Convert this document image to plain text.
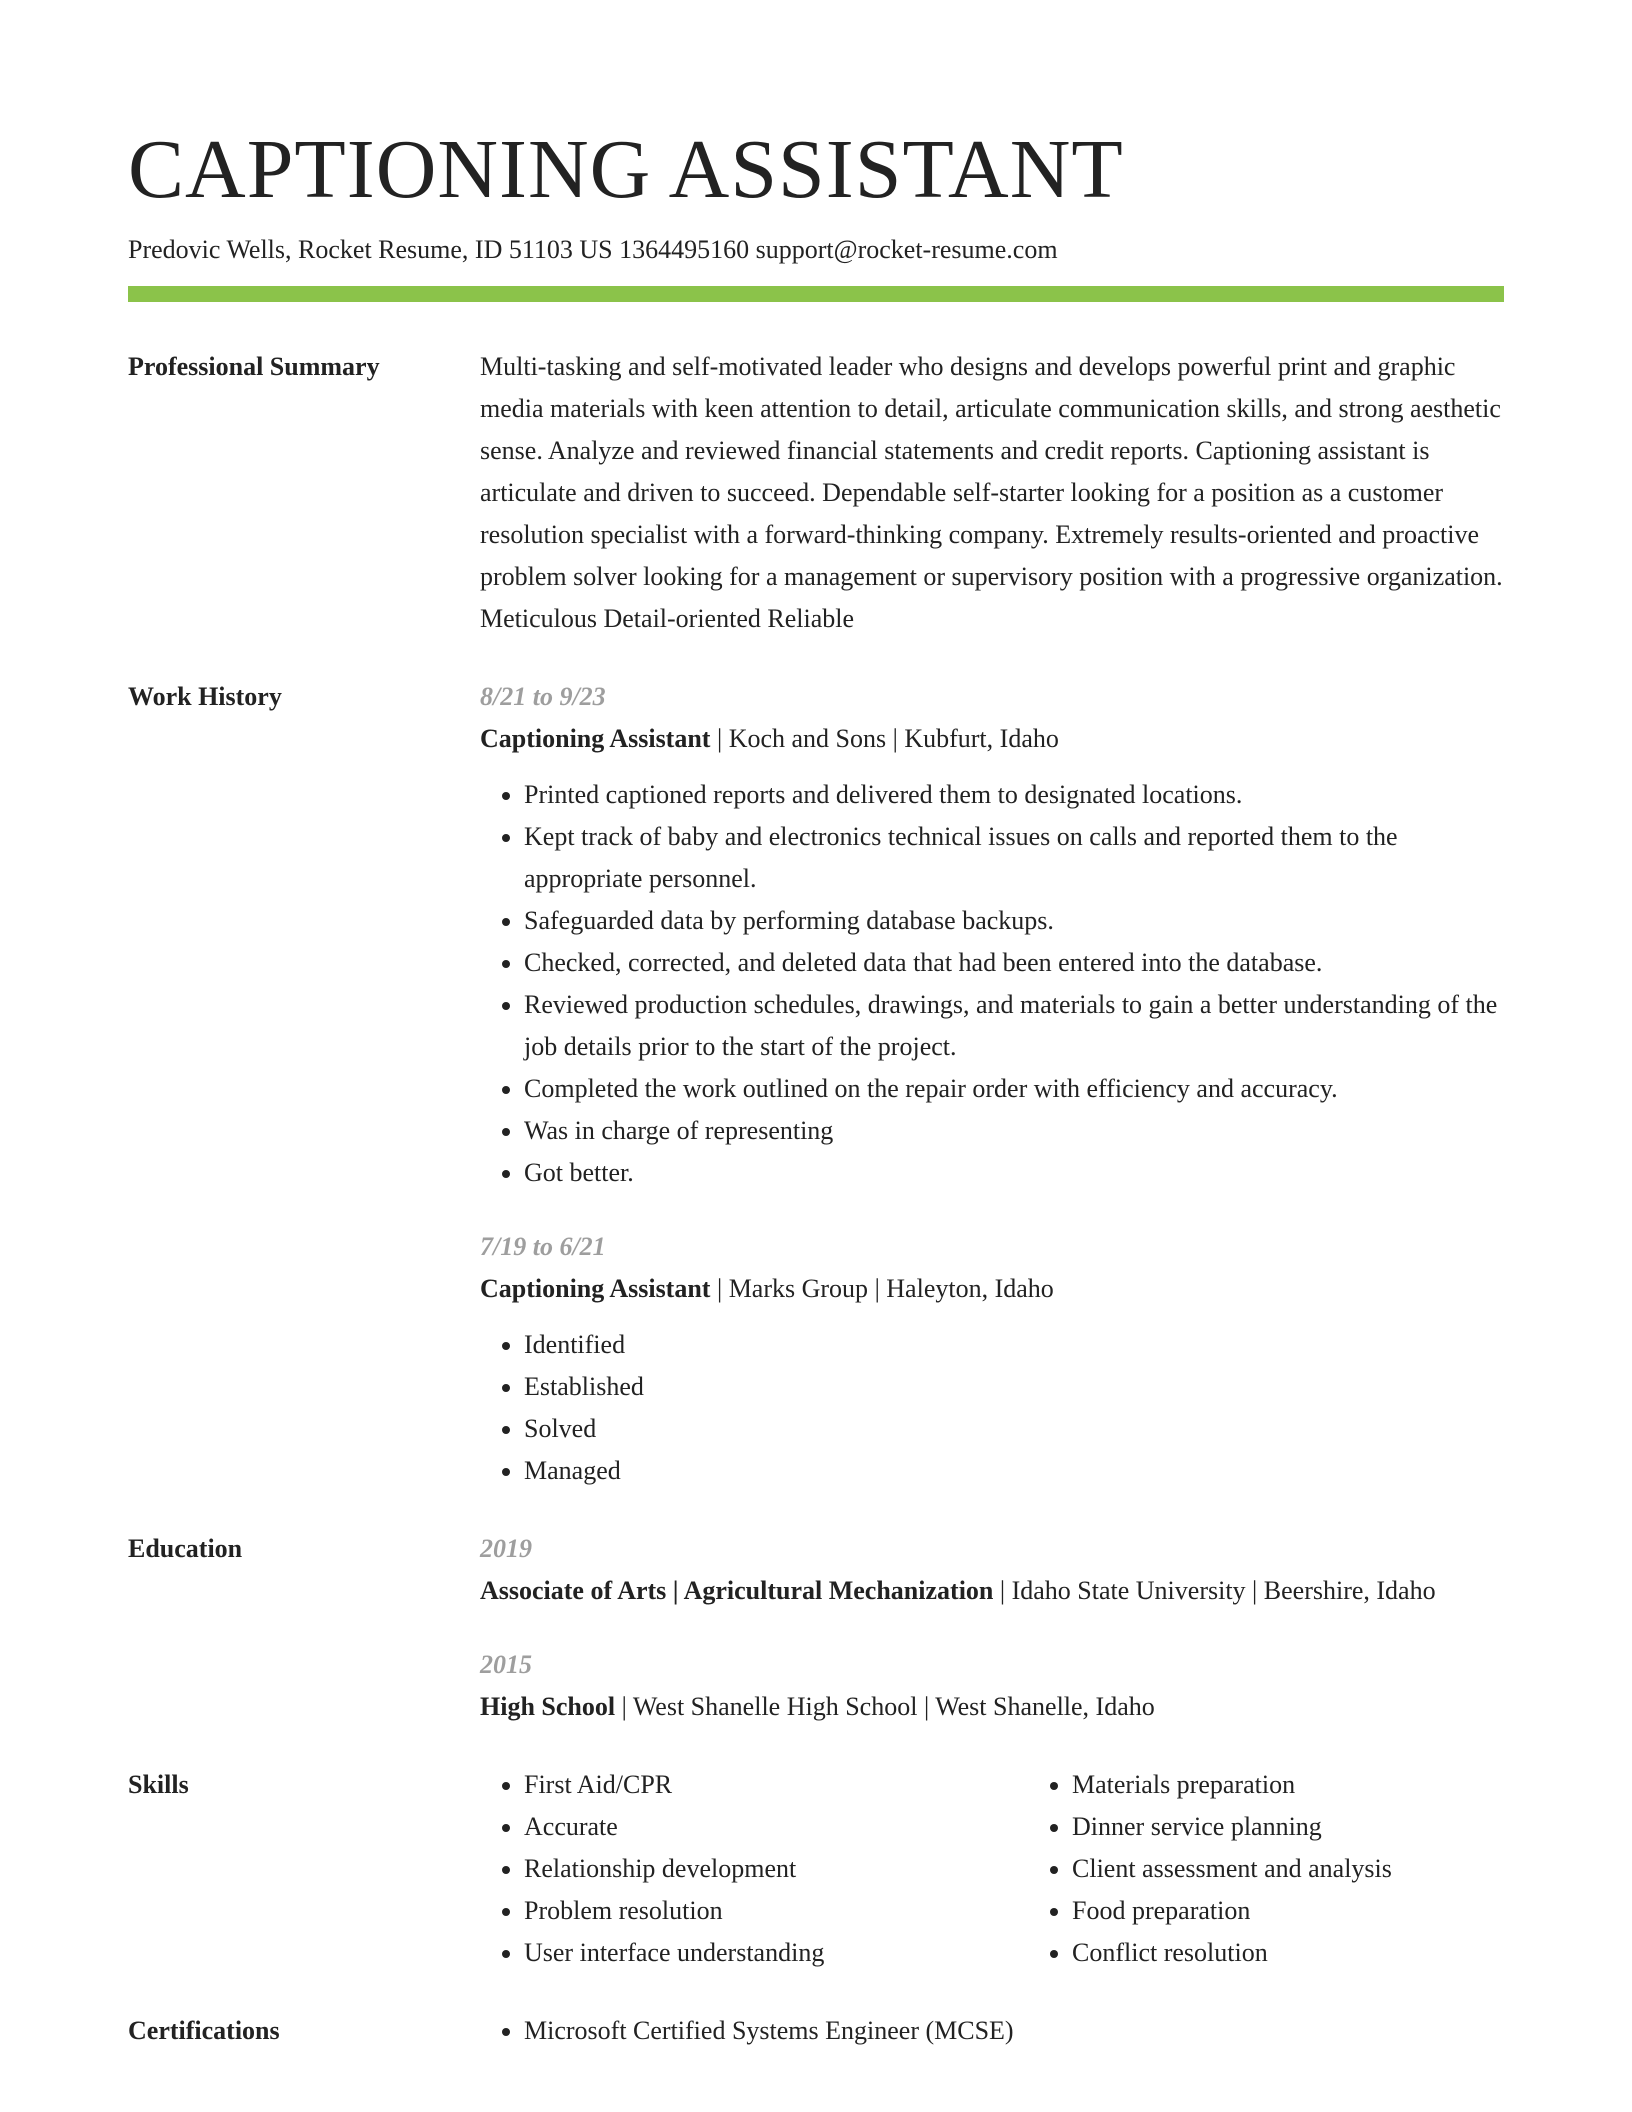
CAPTIONING ASSISTANT
Predovic Wells, Rocket Resume, ID 51103 US 1364495160 support@rocket-resume.com
Professional Summary	Multi-tasking and self-motivated leader who designs and develops powerful print and graphic media materials with keen attention to detail, articulate communication skills, and strong aesthetic sense. Analyze and reviewed financial statements and credit reports. Captioning assistant is articulate and driven to succeed. Dependable self-starter looking for a position as a customer resolution specialist with a forward-thinking company. Extremely results-oriented and proactive problem solver looking for a management or supervisory position with a progressive organization. Meticulous Detail-oriented Reliable

Work History	8/21 to 9/23
Captioning Assistant | Koch and Sons | Kubfurt, Idaho
• Printed captioned reports and delivered them to designated locations.
• Kept track of baby and electronics technical issues on calls and reported them to the appropriate personnel.
• Safeguarded data by performing database backups.
• Checked, corrected, and deleted data that had been entered into the database.
• Reviewed production schedules, drawings, and materials to gain a better understanding of the job details prior to the start of the project.
• Completed the work outlined on the repair order with efficiency and accuracy.
• Was in charge of representing
• Got better.
7/19 to 6/21
Captioning Assistant | Marks Group | Haleyton, Idaho
• Identified
• Established
• Solved
• Managed
Education	2019
Associate of Arts | Agricultural Mechanization | Idaho State University | Beershire, Idaho
2015
High School | West Shanelle High School | West Shanelle, Idaho
Skills	• First Aid/CPR
• Accurate
• Relationship development
• Problem resolution
• User interface understanding
• Materials preparation
• Dinner service planning
• Client assessment and analysis
• Food preparation
• Conflict resolution
Certifications	• Microsoft Certified Systems Engineer (MCSE)
